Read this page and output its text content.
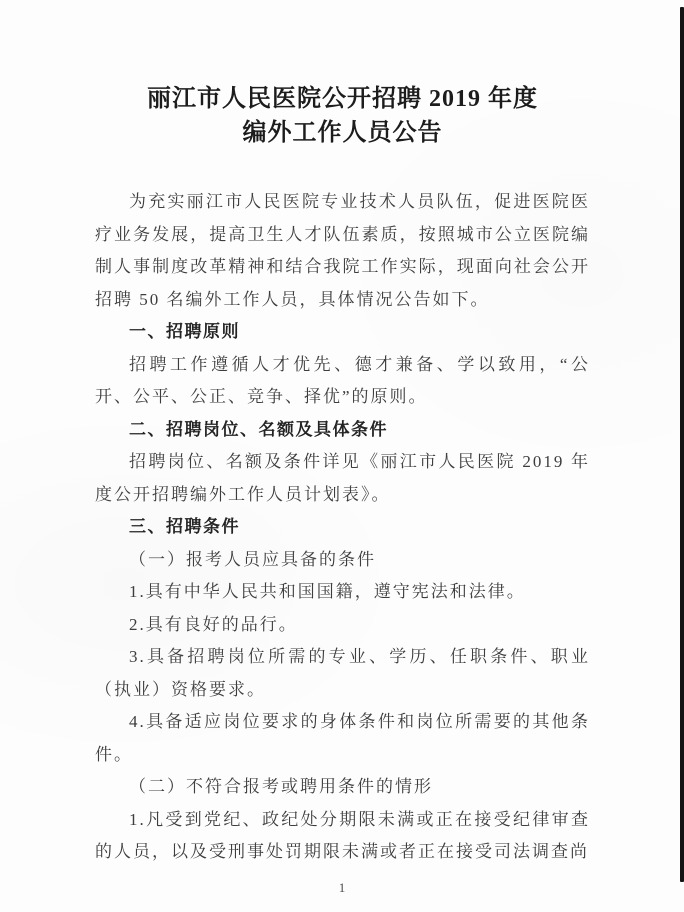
丽江市人民医院公开招聘 2019 年度
编外工作人员公告

为充实丽江市人民医院专业技术人员队伍，促进医院医疗业务发展，提高卫生人才队伍素质，按照城市公立医院编制人事制度改革精神和结合我院工作实际，现面向社会公开招聘 50 名编外工作人员，具体情况公告如下。

一、招聘原则

招聘工作遵循人才优先、德才兼备、学以致用，“公开、公平、公正、竞争、择优”的原则。

二、招聘岗位、名额及具体条件

招聘岗位、名额及条件详见《丽江市人民医院 2019 年度公开招聘编外工作人员计划表》。

三、招聘条件

（一）报考人员应具备的条件

1.具有中华人民共和国国籍，遵守宪法和法律。

2.具有良好的品行。

3.具备招聘岗位所需的专业、学历、任职条件、职业（执业）资格要求。

4.具备适应岗位要求的身体条件和岗位所需要的其他条件。

（二）不符合报考或聘用条件的情形

1.凡受到党纪、政纪处分期限未满或正在接受纪律审查的人员，以及受刑事处罚期限未满或者正在接受司法调查尚

1
